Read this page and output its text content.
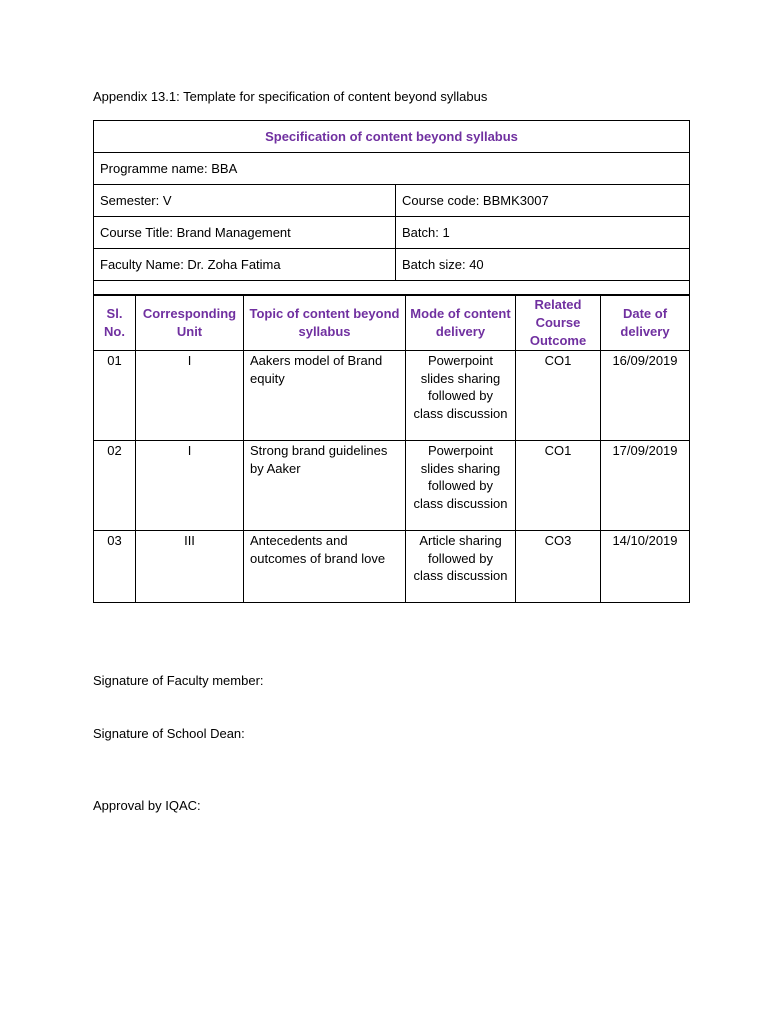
Appendix 13.1: Template for specification of content beyond syllabus
Specification of content beyond syllabus	
Programme name: BBA	
Semester: V	Course code: BBMK3007
Course Title: Brand Management	Batch: 1
Faculty Name: Dr. Zoha Fatima	Batch size: 40

Sl. No.	Corresponding Unit	Topic of content beyond syllabus	Mode of content delivery	Related Course Outcome	Date of delivery
01	I	Aakers model of Brand equity	Powerpoint slides sharing followed by class discussion	CO1	16/09/2019
02	I	Strong brand guidelines by Aaker	Powerpoint slides sharing followed by class discussion	CO1	17/09/2019
03	III	Antecedents and outcomes of brand love	Article sharing followed by class discussion	CO3	14/10/2019
Signature of Faculty member:
Signature of School Dean:
Approval by IQAC:
